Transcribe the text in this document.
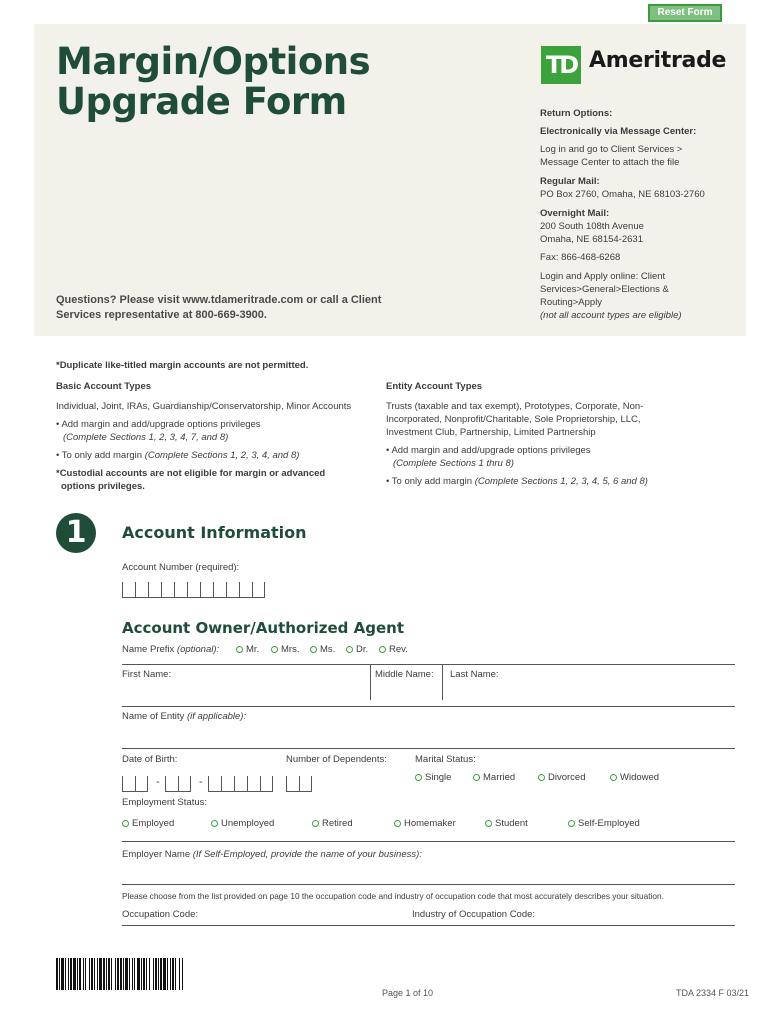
Reset Form
Margin/Options
Upgrade Form
TD Ameritrade
Return Options:
Electronically via Message Center:
Log in and go to Client Services >
Message Center to attach the file
Regular Mail:
PO Box 2760, Omaha, NE 68103-2760
Overnight Mail:
200 South 108th Avenue
Omaha, NE 68154-2631
Fax: 866-468-6268
Login and Apply online: Client
Services>General>Elections &
Routing>Apply
(not all account types are eligible)
Questions? Please visit www.tdameritrade.com or call a Client
Services representative at 800-669-3900.
*Duplicate like-titled margin accounts are not permitted.
Basic Account Types
Individual, Joint, IRAs, Guardianship/Conservatorship, Minor Accounts
• Add margin and add/upgrade options privileges
(Complete Sections 1, 2, 3, 4, 7, and 8)
• To only add margin (Complete Sections 1, 2, 3, 4, and 8)
*Custodial accounts are not eligible for margin or advanced
options privileges.
Entity Account Types
Trusts (taxable and tax exempt), Prototypes, Corporate, Non-
Incorporated, Nonprofit/Charitable, Sole Proprietorship, LLC,
Investment Club, Partnership, Limited Partnership
• Add margin and add/upgrade options privileges
(Complete Sections 1 thru 8)
• To only add margin (Complete Sections 1, 2, 3, 4, 5, 6 and 8)
1	Account Information
Account Number (required):
Account Owner/Authorized Agent
Name Prefix (optional):	Mr. Mrs. Ms. Dr. Rev.
First Name:	Middle Name: Last Name:
Name of Entity (if applicable):
Date of Birth:	Number of Dependents:	Marital Status:
-	-	Single	Married	Divorced	Widowed
Employment Status:
Employed	Unemployed	Retired	Homemaker	Student	Self-Employed
Employer Name (If Self-Employed, provide the name of your business):
Please choose from the list provided on page 10 the occupation code and industry of occupation code that most accurately describes your situation.
Occupation Code:	Industry of Occupation Code:
Page 1 of 10	TDA 2334 F 03/21
